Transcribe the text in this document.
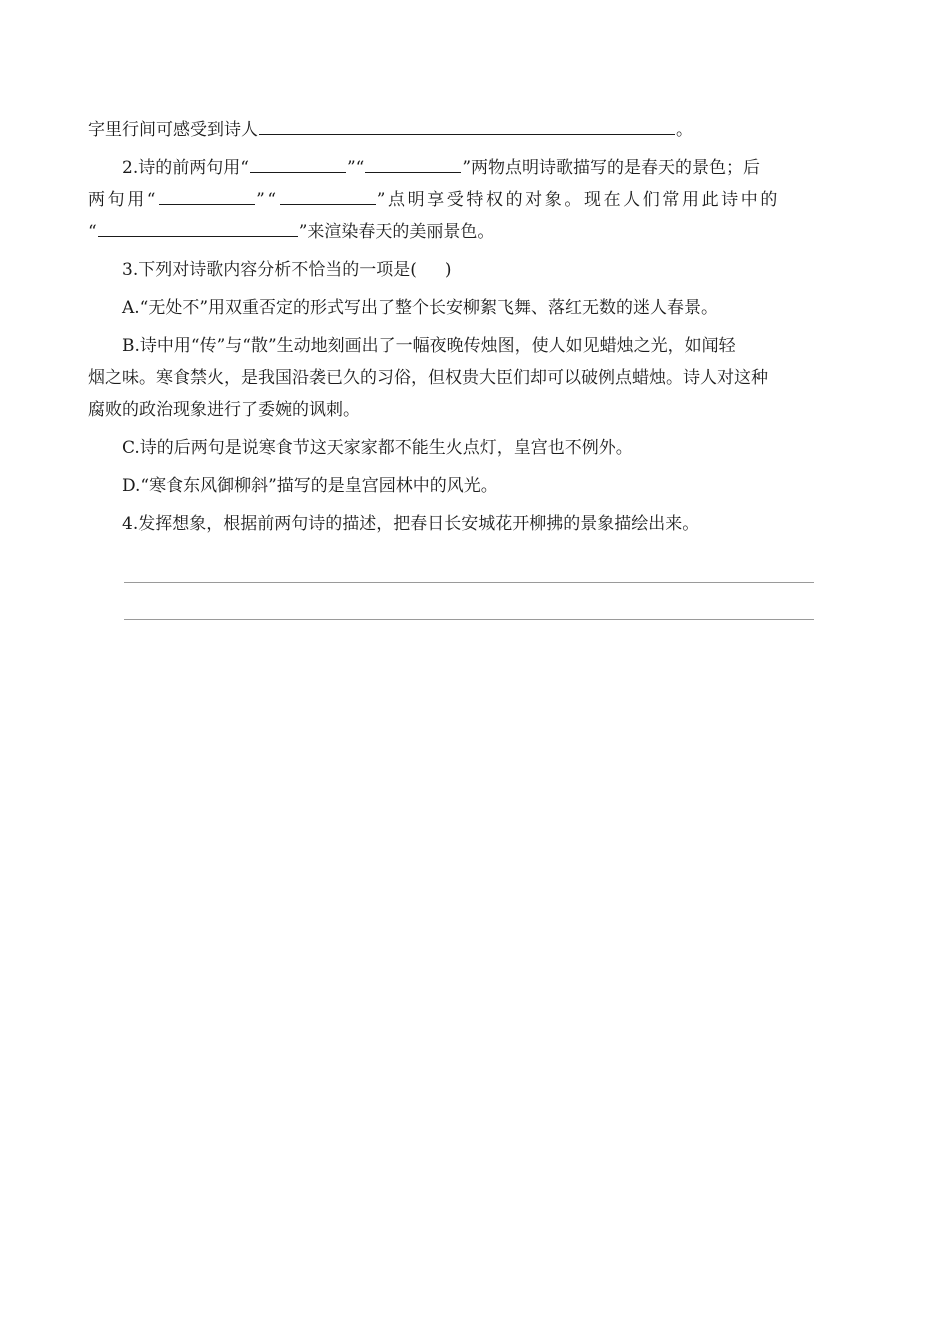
字里行间可感受到诗人	。

2.诗的前两句用“	”“	”两物点明诗歌描写的是春天的景色；后

两句用“	”“	”点明享受特权的对象。现在人们常用此诗中的

“	”来渲染春天的美丽景色。

3.下列对诗歌内容分析不恰当的一项是( )

A.“无处不”用双重否定的形式写出了整个长安柳絮飞舞、落红无数的迷人春景。

B.诗中用“传”与“散”生动地刻画出了一幅夜晚传烛图，使人如见蜡烛之光，如闻轻

烟之味。寒食禁火，是我国沿袭已久的习俗，但权贵大臣们却可以破例点蜡烛。诗人对这种

腐败的政治现象进行了委婉的讽刺。

C.诗的后两句是说寒食节这天家家都不能生火点灯，皇宫也不例外。

D.“寒食东风御柳斜”描写的是皇宫园林中的风光。

4.发挥想象，根据前两句诗的描述，把春日长安城花开柳拂的景象描绘出来。
